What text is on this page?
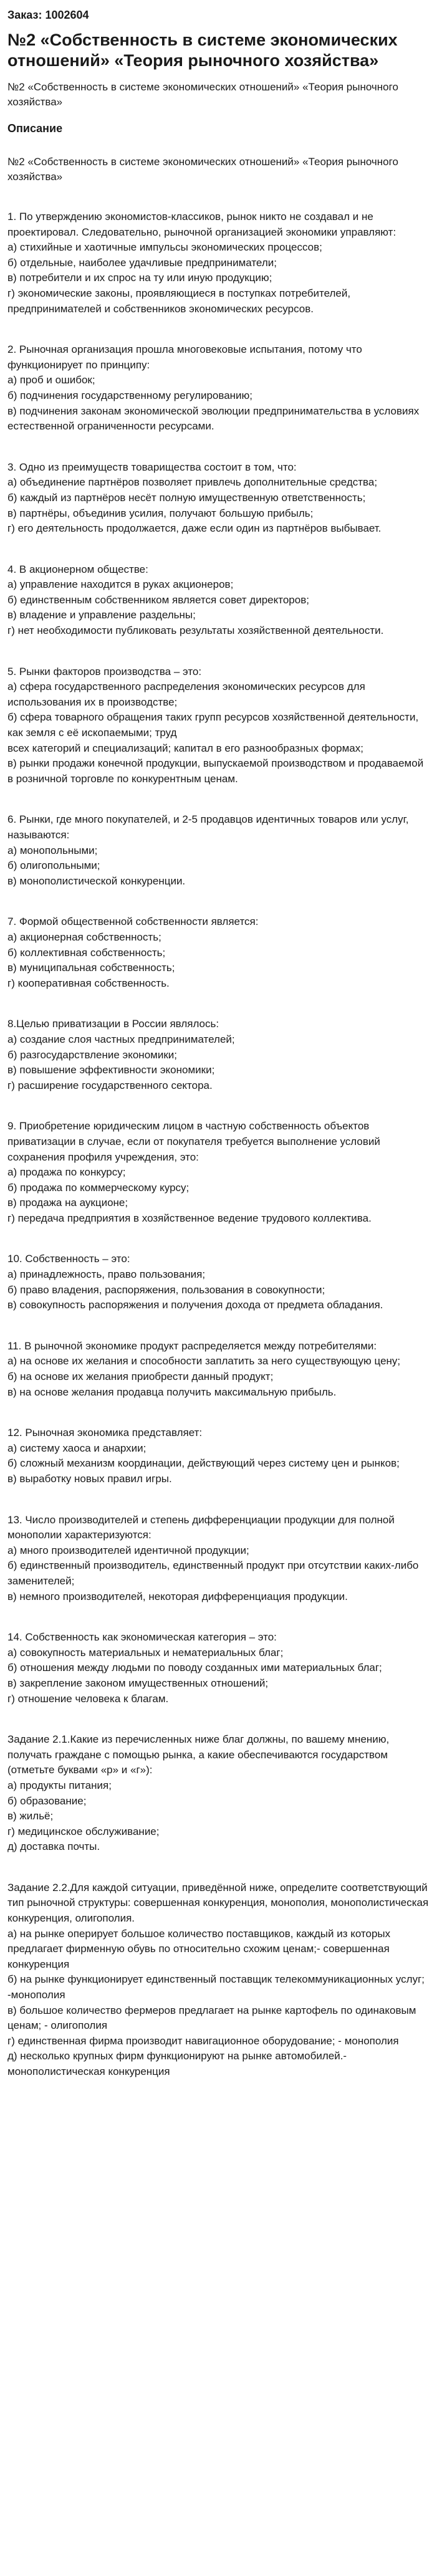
Заказ: 1002604
№2 «Собственность в системе экономических отношений» «Теория рыночного хозяйства»
№2 «Собственность в системе экономических отношений» «Теория рыночного хозяйства»
Описание
№2 «Собственность в системе экономических отношений» «Теория рыночного хозяйства»
1. По утверждению экономистов-классиков, рынок никто не создавал и не проектировал. Следовательно, рыночной организацией экономики управляют:
а) стихийные и хаотичные импульсы экономических процессов;
б) отдельные, наиболее удачливые предприниматели;
в) потребители и их спрос на ту или иную продукцию;
г) экономические законы, проявляющиеся в поступках потребителей, предпринимателей и собственников экономических ресурсов.
2. Рыночная организация прошла многовековые испытания, потому что функционирует по принципу:
а) проб и ошибок;
б) подчинения государственному регулированию;
в) подчинения законам экономической эволюции предпринимательства в условиях естественной ограниченности ресурсами.
3. Одно из преимуществ товарищества состоит в том, что:
а) объединение партнёров позволяет привлечь дополнительные средства;
б) каждый из партнёров несёт полную имущественную ответственность;
в) партнёры, объединив усилия, получают большую прибыль;
г) его деятельность продолжается, даже если один из партнёров выбывает.
4. В акционерном обществе:
а) управление находится в руках акционеров;
б) единственным собственником является совет директоров;
в) владение и управление раздельны;
г) нет необходимости публиковать результаты хозяйственной деятельности.
5. Рынки факторов производства – это:
а) сфера государственного распределения экономических ресурсов для использования их в производстве;
б) сфера товарного обращения таких групп ресурсов хозяйственной деятельности, как земля с её ископаемыми; труд
всех категорий и специализаций; капитал в его разнообразных формах;
в) рынки продажи конечной продукции, выпускаемой производством и продаваемой в розничной торговле по конкурентным ценам.
6. Рынки, где много покупателей, и 2-5 продавцов идентичных товаров или услуг, называются:
а) монопольными;
б) олигопольными;
в) монополистической конкуренции.
7. Формой общественной собственности является:
а) акционерная собственность;
б) коллективная собственность;
в) муниципальная собственность;
г) кооперативная собственность.
8.Целью приватизации в России являлось:
а) создание слоя частных предпринимателей;
б) разгосударствление экономики;
в) повышение эффективности экономики;
г) расширение государственного сектора.
9. Приобретение юридическим лицом в частную собственность объектов приватизации в случае, если от покупателя требуется выполнение условий сохранения профиля учреждения, это:
а) продажа по конкурсу;
б) продажа по коммерческому курсу;
в) продажа на аукционе;
г) передача предприятия в хозяйственное ведение трудового коллектива.
10. Собственность – это:
а) принадлежность, право пользования;
б) право владения, распоряжения, пользования в совокупности;
в) совокупность распоряжения и получения дохода от предмета обладания.
11. В рыночной экономике продукт распределяется между потребителями:
а) на основе их желания и способности заплатить за него существующую цену;
б) на основе их желания приобрести данный продукт;
в) на основе желания продавца получить максимальную прибыль.
12. Рыночная экономика представляет:
а) систему хаоса и анархии;
б) сложный механизм координации, действующий через систему цен и рынков;
в) выработку новых правил игры.
13. Число производителей и степень дифференциации продукции для полной монополии характеризуются:
а) много производителей идентичной продукции;
б) единственный производитель, единственный продукт при отсутствии каких-либо заменителей;
в) немного производителей, некоторая дифференциация продукции.
14. Собственность как экономическая категория – это:
а) совокупность материальных и нематериальных благ;
б) отношения между людьми по поводу созданных ими материальных благ;
в) закрепление законом имущественных отношений;
г) отношение человека к благам.
Задание 2.1.Какие из перечисленных ниже благ должны, по вашему мнению, получать граждане с помощью рынка, а какие обеспечиваются государством (отметьте буквами «р» и «г»):
а) продукты питания;
б) образование;
в) жильё;
г) медицинское обслуживание;
д) доставка почты.
Задание 2.2.Для каждой ситуации, приведённой ниже, определите соответствующий тип рыночной структуры: совершенная конкуренция, монополия, монополистическая конкуренция, олигополия.
а) на рынке оперирует большое количество поставщиков, каждый из которых предлагает фирменную обувь по относительно схожим ценам;- совершенная конкуренция
б) на рынке функционирует единственный поставщик телекоммуникационных услуг; -монополия
в) большое количество фермеров предлагает на рынке картофель по одинаковым ценам; - олигополия
г) единственная фирма производит навигационное оборудование; - монополия
д) несколько крупных фирм функционируют на рынке автомобилей.- монополистическая конкуренция
